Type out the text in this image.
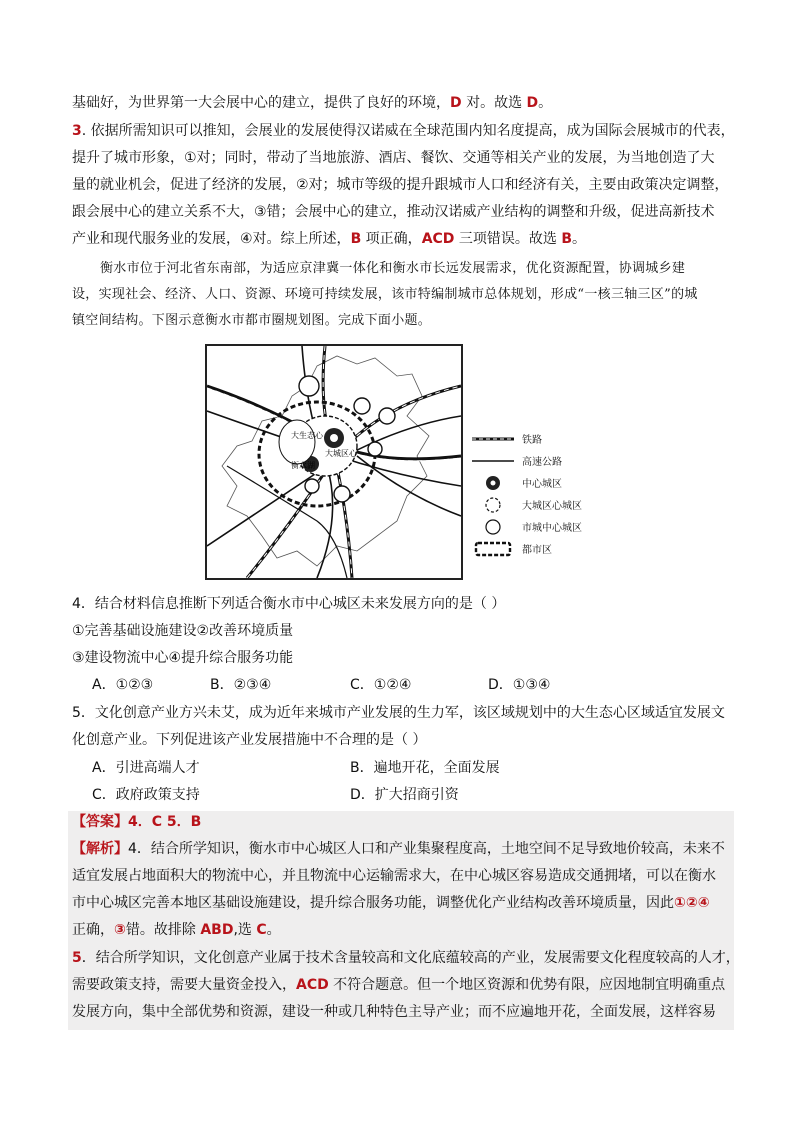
基础好，为世界第一大会展中心的建立，提供了良好的环境，D 对。故选 D。
3. 依据所需知识可以推知，会展业的发展使得汉诺威在全球范围内知名度提高，成为国际会展城市的代表，
提升了城市形象，①对；同时，带动了当地旅游、酒店、餐饮、交通等相关产业的发展，为当地创造了大
量的就业机会，促进了经济的发展，②对；城市等级的提升跟城市人口和经济有关，主要由政策决定调整，
跟会展中心的建立关系不大，③错；会展中心的建立，推动汉诺威产业结构的调整和升级，促进高新技术
产业和现代服务业的发展，④对。综上所述，B 项正确，ACD 三项错误。故选 B。
衡水市位于河北省东南部，为适应京津冀一体化和衡水市长远发展需求，优化资源配置，协调城乡建
设，实现社会、经济、人口、资源、环境可持续发展，该市特编制城市总体规划，形成“一核三轴三区”的城
镇空间结构。下图示意衡水市都市圈规划图。完成下面小题。
大生态心
大城区心
衡水湖
铁路
高速公路
中心城区
大城区心城区
市城中心城区
都市区
4．结合材料信息推断下列适合衡水市中心城区未来发展方向的是（ ）
①完善基础设施建设②改善环境质量
③建设物流中心④提升综合服务功能
A．①②③	B．②③④	C．①②④	D．①③④
5．文化创意产业方兴未艾，成为近年来城市产业发展的生力军，该区域规划中的大生态心区域适宜发展文
化创意产业。下列促进该产业发展措施中不合理的是（ ）
A．引进高端人才	B．遍地开花，全面发展
C．政府政策支持	D．扩大招商引资
【答案】4．C 5．B
【解析】4．结合所学知识，衡水市中心城区人口和产业集聚程度高，土地空间不足导致地价较高，未来不
适宜发展占地面积大的物流中心，并且物流中心运输需求大，在中心城区容易造成交通拥堵，可以在衡水
市中心城区完善本地区基础设施建设，提升综合服务功能，调整优化产业结构改善环境质量，因此①②④
正确，③错。故排除 ABD,选 C。
5．结合所学知识，文化创意产业属于技术含量较高和文化底蕴较高的产业，发展需要文化程度较高的人才，
需要政策支持，需要大量资金投入，ACD 不符合题意。但一个地区资源和优势有限，应因地制宜明确重点
发展方向，集中全部优势和资源，建设一种或几种特色主导产业；而不应遍地开花，全面发展，这样容易
